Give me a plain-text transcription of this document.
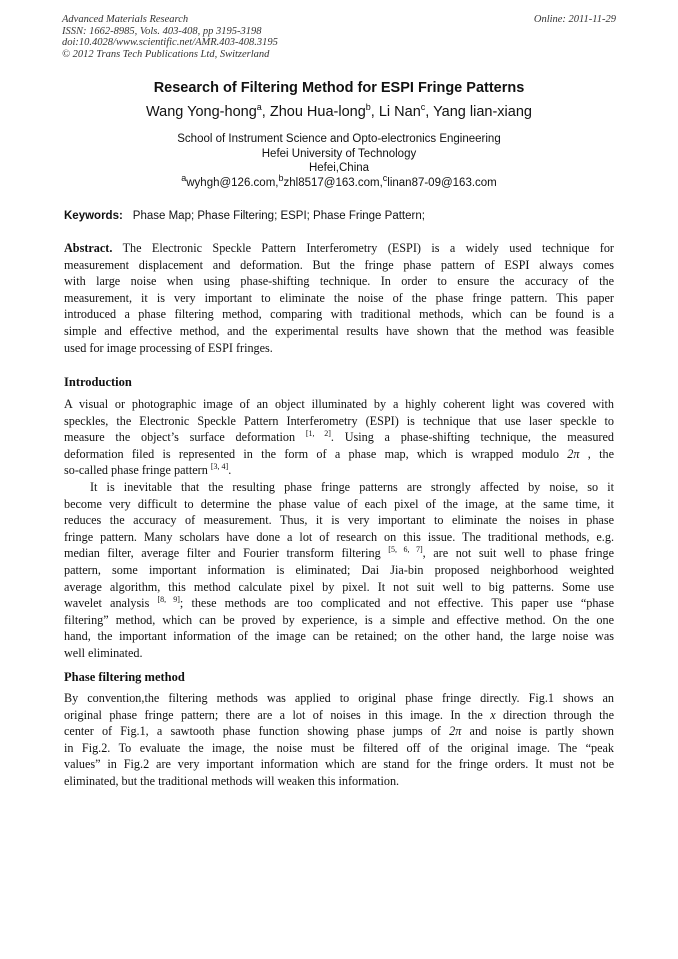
Advanced Materials Research
ISSN: 1662-8985, Vols. 403-408, pp 3195-3198
doi:10.4028/www.scientific.net/AMR.403-408.3195
© 2012 Trans Tech Publications Ltd, Switzerland
Online: 2011-11-29
Research of Filtering Method for ESPI Fringe Patterns
Wang Yong-hong$^a$, Zhou Hua-long$^b$, Li Nan$^c$, Yang lian-xiang
School of Instrument Science and Opto-electronics Engineering
Hefei University of Technology
Hefei,China
$^a$wyhgh@126.com,$^b$zhl8517@163.com,$^c$linan87-09@163.com
Keywords: Phase Map; Phase Filtering; ESPI; Phase Fringe Pattern;
Abstract. The Electronic Speckle Pattern Interferometry (ESPI) is a widely used technique for
measurement displacement and deformation. But the fringe phase pattern of ESPI always comes
with large noise when using phase-shifting technique. In order to ensure the accuracy of the
measurement, it is very important to eliminate the noise of the phase fringe pattern. This paper
introduced a phase filtering method, comparing with traditional methods, which can be found is a
simple and effective method, and the experimental results have shown that the method was feasible
used for image processing of ESPI fringes.
Introduction
A visual or photographic image of an object illuminated by a highly coherent light was covered with
speckles, the Electronic Speckle Pattern Interferometry (ESPI) is technique that use laser speckle to
measure the object’s surface deformation [1, 2]. Using a phase-shifting technique, the measured
deformation filed is represented in the form of a phase map, which is wrapped modulo 2π , the
so-called phase fringe pattern [3, 4].
It is inevitable that the resulting phase fringe patterns are strongly affected by noise, so it
become very difficult to determine the phase value of each pixel of the image, at the same time, it
reduces the accuracy of measurement. Thus, it is very important to eliminate the noises in phase
fringe pattern. Many scholars have done a lot of research on this issue. The traditional methods, e.g.
median filter, average filter and Fourier transform filtering [5, 6, 7], are not suit well to phase fringe
pattern, some important information is eliminated; Dai Jia-bin proposed neighborhood weighted
average algorithm, this method calculate pixel by pixel. It not suit well to big patterns. Some use
wavelet analysis [8, 9]; these methods are too complicated and not effective. This paper use “phase
filtering” method, which can be proved by experience, is a simple and effective method. On the one
hand, the important information of the image can be retained; on the other hand, the large noise was
well eliminated.
Phase filtering method
By convention,the filtering methods was applied to original phase fringe directly. Fig.1 shows an
original phase fringe pattern; there are a lot of noises in this image. In the x direction through the
center of Fig.1, a sawtooth phase function showing phase jumps of 2π and noise is partly shown
in Fig.2. To evaluate the image, the noise must be filtered off of the original image. The “peak
values” in Fig.2 are very important information which are stand for the fringe orders. It must not be
eliminated, but the traditional methods will weaken this information.
